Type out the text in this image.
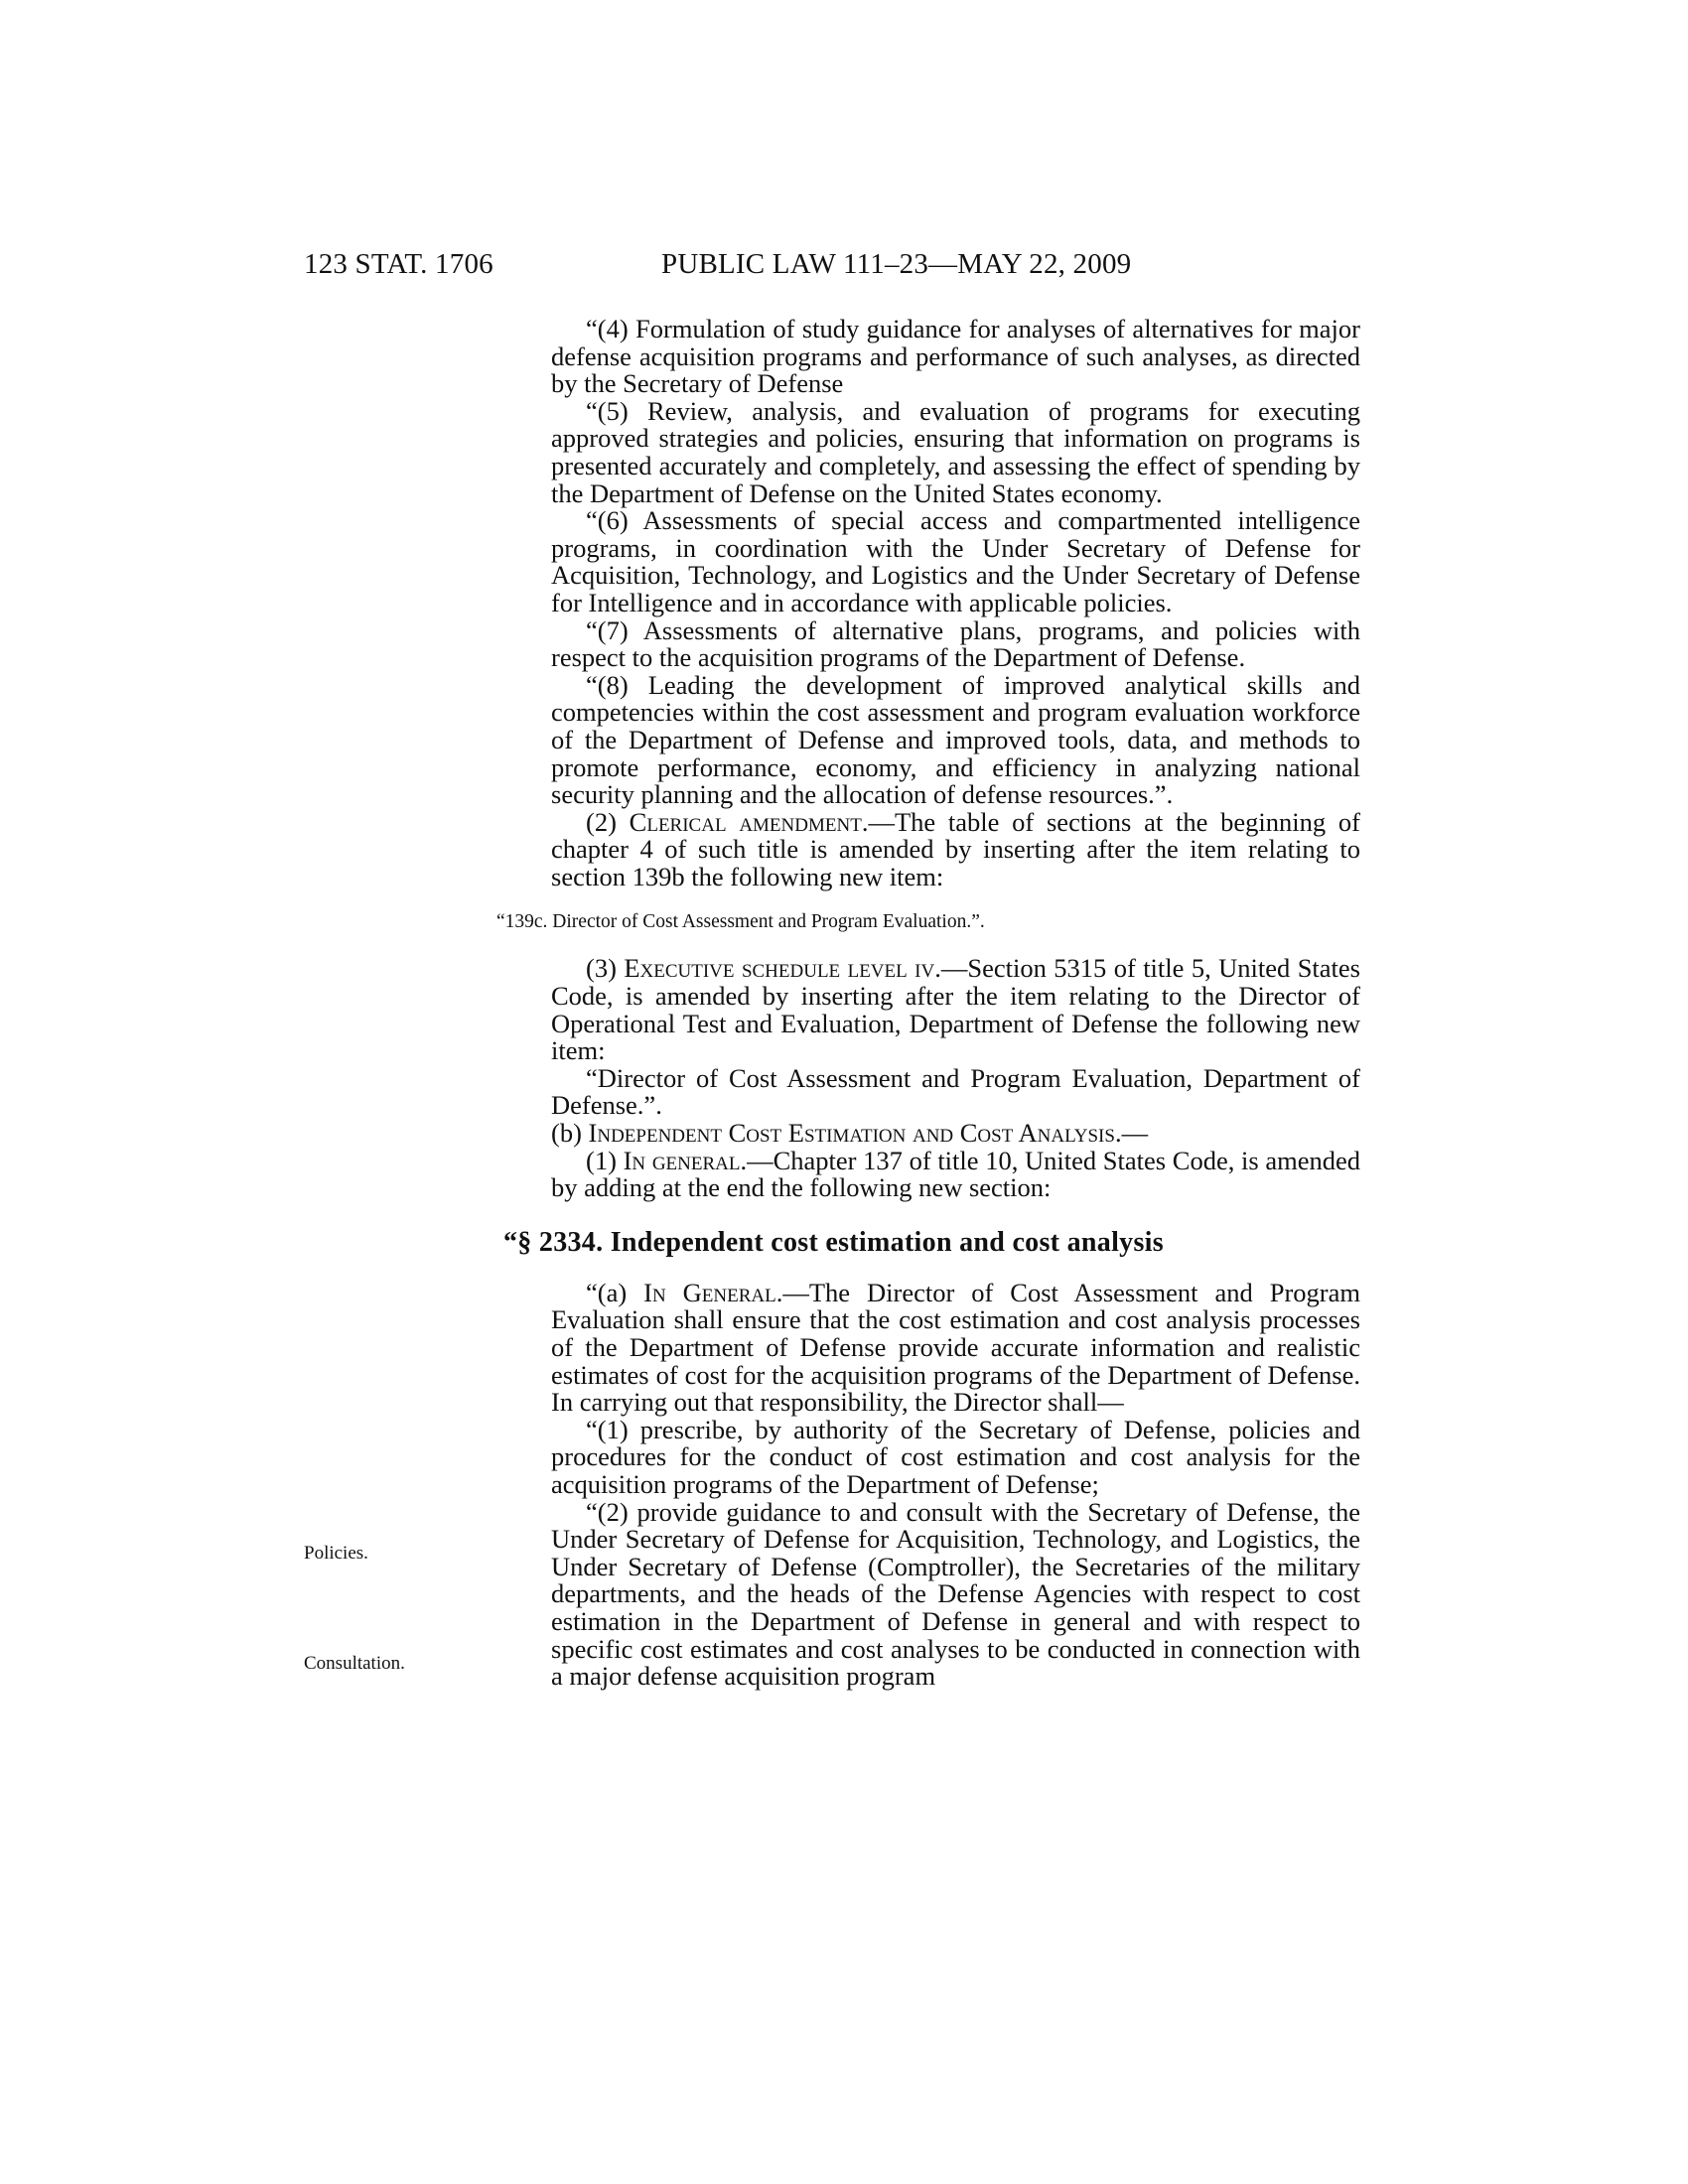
123 STAT. 1706	PUBLIC LAW 111–23—MAY 22, 2009
Policies.
Consultation.

“(4) Formulation of study guidance for analyses of alternatives for major defense acquisition programs and performance of such analyses, as directed by the Secretary of Defense

“(5) Review, analysis, and evaluation of programs for executing approved strategies and policies, ensuring that information on programs is presented accurately and completely, and assessing the effect of spending by the Department of Defense on the United States economy.

“(6) Assessments of special access and compartmented intelligence programs, in coordination with the Under Secretary of Defense for Acquisition, Technology, and Logistics and the Under Secretary of Defense for Intelligence and in accordance with applicable policies.

“(7) Assessments of alternative plans, programs, and policies with respect to the acquisition programs of the Department of Defense.

“(8) Leading the development of improved analytical skills and competencies within the cost assessment and program evaluation workforce of the Department of Defense and improved tools, data, and methods to promote performance, economy, and efficiency in analyzing national security planning and the allocation of defense resources.”.

(2) Clerical amendment.—The table of sections at the beginning of chapter 4 of such title is amended by inserting after the item relating to section 139b the following new item:

“139c. Director of Cost Assessment and Program Evaluation.”.

(3) Executive schedule level iv.—Section 5315 of title 5, United States Code, is amended by inserting after the item relating to the Director of Operational Test and Evaluation, Department of Defense the following new item:

“Director of Cost Assessment and Program Evaluation, Department of Defense.”.

(b) Independent Cost Estimation and Cost Analysis.—

(1) In general.—Chapter 137 of title 10, United States Code, is amended by adding at the end the following new section:

“§ 2334. Independent cost estimation and cost analysis

“(a) In General.—The Director of Cost Assessment and Program Evaluation shall ensure that the cost estimation and cost analysis processes of the Department of Defense provide accurate information and realistic estimates of cost for the acquisition programs of the Department of Defense. In carrying out that responsibility, the Director shall—

“(1) prescribe, by authority of the Secretary of Defense, policies and procedures for the conduct of cost estimation and cost analysis for the acquisition programs of the Department of Defense;

“(2) provide guidance to and consult with the Secretary of Defense, the Under Secretary of Defense for Acquisition, Technology, and Logistics, the Under Secretary of Defense (Comptroller), the Secretaries of the military departments, and the heads of the Defense Agencies with respect to cost estimation in the Department of Defense in general and with respect to specific cost estimates and cost analyses to be conducted in connection with a major defense acquisition program
